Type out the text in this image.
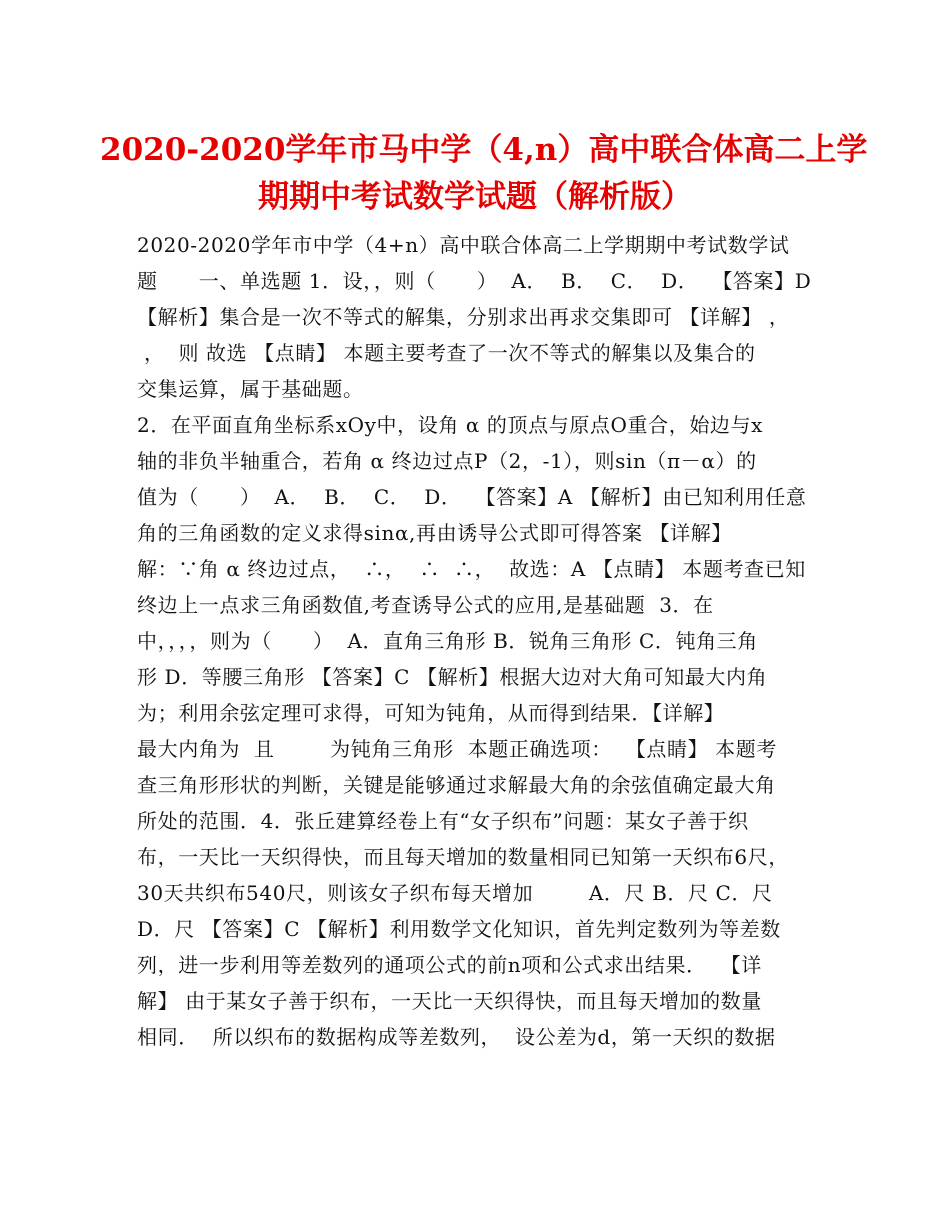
2020-2020学年市马中学（4,n）高中联合体高二上学
期期中考试数学试题（解析版）
2020-2020学年市中学（4+n）高中联合体高二上学期期中考试数学试
题　　一、单选题 1．设，，则（　　）  A．  B．  C．  D．  【答案】D
【解析】集合是一次不等式的解集，分别求出再求交集即可 【详解】 ，
，  则 故选 【点睛】 本题主要考查了一次不等式的解集以及集合的
交集运算，属于基础题。
2．在平面直角坐标系xOy中，设角 α 的顶点与原点O重合，始边与x
轴的非负半轴重合，若角 α 终边过点P（2，-1），则sin（π－α）的
值为（　　）  A．  B．  C．  D．  【答案】A 【解析】由已知利用任意
角的三角函数的定义求得sinα,再由诱导公式即可得答案 【详解】
解：∵角 α 终边过点，  ∴，  ∴  ∴，  故选：A 【点睛】 本题考查已知
终边上一点求三角函数值,考查诱导公式的应用,是基础题  3．在
中，，，，则为（　　）  A．直角三角形 B．锐角三角形 C．钝角三角
形 D．等腰三角形 【答案】C 【解析】根据大边对大角可知最大内角
为；利用余弦定理可求得，可知为钝角，从而得到结果．【详解】
最大内角为  且        为钝角三角形  本题正确选项：  【点睛】 本题考
查三角形形状的判断，关键是能够通过求解最大角的余弦值确定最大角
所处的范围．4．张丘建算经卷上有“女子织布”问题：某女子善于织
布，一天比一天织得快，而且每天增加的数量相同已知第一天织布6尺，
30天共织布540尺，则该女子织布每天增加        A．尺 B．尺 C．尺
D．尺 【答案】C 【解析】利用数学文化知识，首先判定数列为等差数
列，进一步利用等差数列的通项公式的前n项和公式求出结果．  【详
解】 由于某女子善于织布，一天比一天织得快，而且每天增加的数量
相同．  所以织布的数据构成等差数列，  设公差为d，第一天织的数据
